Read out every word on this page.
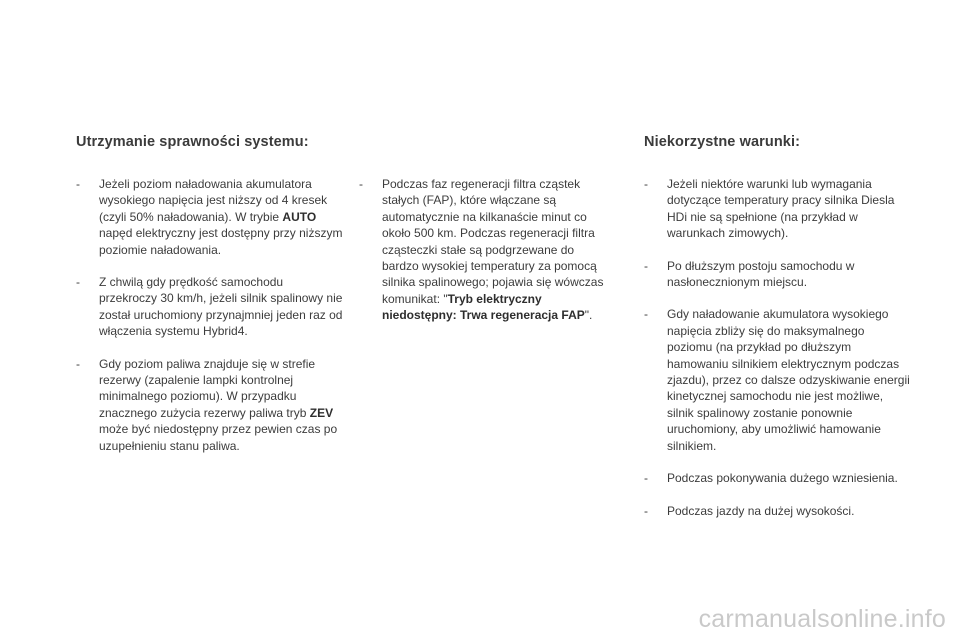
Utrzymanie sprawności systemu:
- Jeżeli poziom naładowania akumulatora wysokiego napięcia jest niższy od 4 kresek (czyli 50% naładowania). W trybie AUTO napęd elektryczny jest dostępny przy niższym poziomie naładowania.
- Z chwilą gdy prędkość samochodu przekroczy 30 km/h, jeżeli silnik spalinowy nie został uruchomiony przynajmniej jeden raz od włączenia systemu Hybrid4.
- Gdy poziom paliwa znajduje się w strefie rezerwy (zapalenie lampki kontrolnej minimalnego poziomu). W przypadku znacznego zużycia rezerwy paliwa tryb ZEV może być niedostępny przez pewien czas po uzupełnieniu stanu paliwa.
- Podczas faz regeneracji filtra cząstek stałych (FAP), które włączane są automatycznie na kilkanaście minut co około 500 km. Podczas regeneracji filtra cząsteczki stałe są podgrzewane do bardzo wysokiej temperatury za pomocą silnika spalinowego; pojawia się wówczas komunikat: "Tryb elektryczny niedostępny: Trwa regeneracja FAP".
Niekorzystne warunki:
- Jeżeli niektóre warunki lub wymagania dotyczące temperatury pracy silnika Diesla HDi nie są spełnione (na przykład w warunkach zimowych).
- Po dłuższym postoju samochodu w nasłonecznionym miejscu.
- Gdy naładowanie akumulatora wysokiego napięcia zbliży się do maksymalnego poziomu (na przykład po dłuższym hamowaniu silnikiem elektrycznym podczas zjazdu), przez co dalsze odzyskiwanie energii kinetycznej samochodu nie jest możliwe, silnik spalinowy zostanie ponownie uruchomiony, aby umożliwić hamowanie silnikiem.
- Podczas pokonywania dużego wzniesienia.
- Podczas jazdy na dużej wysokości.
carmanualsonline.info
